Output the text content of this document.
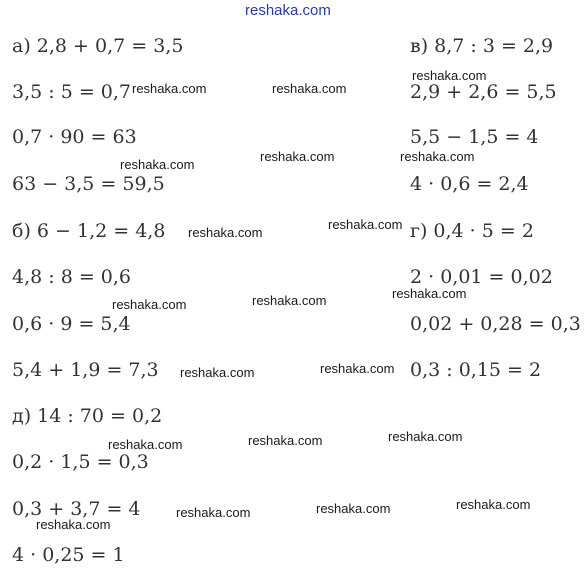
reshaka.com
а) 2,8 + 0,7 = 3,5
3,5 : 5 = 0,7
0,7 · 90 = 63
63 − 3,5 = 59,5
б) 6 − 1,2 = 4,8
4,8 : 8 = 0,6
0,6 · 9 = 5,4
5,4 + 1,9 = 7,3
д) 14 : 70 = 0,2
0,2 · 1,5 = 0,3
0,3 + 3,7 = 4
4 · 0,25 = 1
в) 8,7 : 3 = 2,9
2,9 + 2,6 = 5,5
5,5 − 1,5 = 4
4 · 0,6 = 2,4
г) 0,4 · 5 = 2
2 · 0,01 = 0,02
0,02 + 0,28 = 0,3
0,3 : 0,15 = 2
reshaka.com
reshaka.com	reshaka.com
reshaka.com
reshaka.com	reshaka.com
reshaka.com
reshaka.com
reshaka.com	reshaka.com	reshaka.com
reshaka.com	reshaka.com
reshaka.com	reshaka.com	reshaka.com
reshaka.com	reshaka.com	reshaka.com
reshaka.com
